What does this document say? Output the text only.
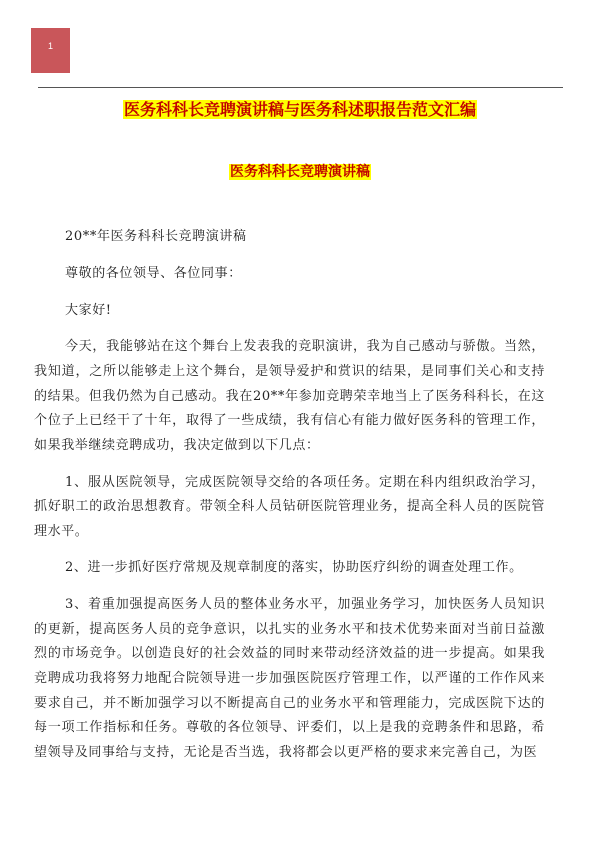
1
医务科科长竞聘演讲稿与医务科述职报告范文汇编
医务科科长竞聘演讲稿

20**年医务科科长竞聘演讲稿

尊敬的各位领导、各位同事：

大家好!

今天，我能够站在这个舞台上发表我的竞职演讲，我为自己感动与骄傲。当然，我知道，之所以能够走上这个舞台，是领导爱护和赏识的结果，是同事们关心和支持的结果。但我仍然为自己感动。我在20**年参加竞聘荣幸地当上了医务科科长，在这个位子上已经干了十年，取得了一些成绩，我有信心有能力做好医务科的管理工作，如果我举继续竞聘成功，我决定做到以下几点：

1、服从医院领导，完成医院领导交给的各项任务。定期在科内组织政治学习，抓好职工的政治思想教育。带领全科人员钻研医院管理业务，提高全科人员的医院管理水平。

2、进一步抓好医疗常规及规章制度的落实，协助医疗纠纷的调查处理工作。

3、着重加强提高医务人员的整体业务水平，加强业务学习，加快医务人员知识的更新，提高医务人员的竞争意识，以扎实的业务水平和技术优势来面对当前日益激烈的市场竞争。以创造良好的社会效益的同时来带动经济效益的进一步提高。如果我竞聘成功我将努力地配合院领导进一步加强医院医疗管理工作，以严谨的工作作风来要求自己，并不断加强学习以不断提高自己的业务水平和管理能力，完成医院下达的每一项工作指标和任务。尊敬的各位领导、评委们，以上是我的竞聘条件和思路，希望领导及同事给与支持，无论是否当选，我将都会以更严格的要求来完善自己，为医
